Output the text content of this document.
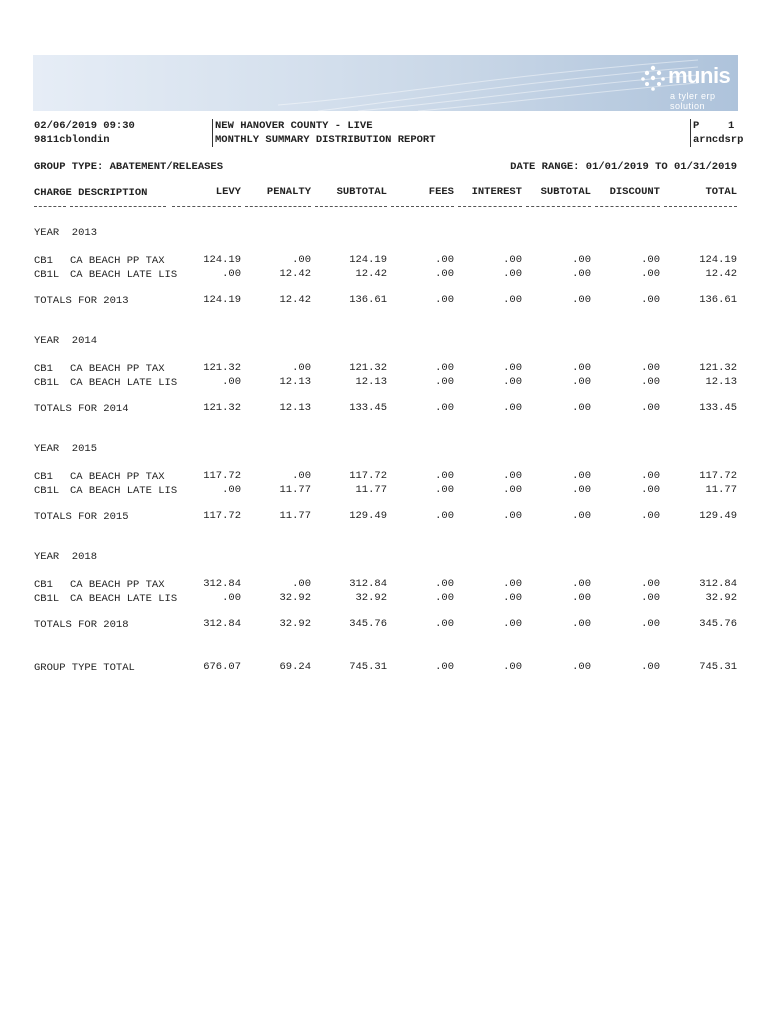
munis
a tyler erp solution
02/06/2019 09:30
9811cblondin
NEW HANOVER COUNTY - LIVE
MONTHLY SUMMARY DISTRIBUTION REPORT
P	1
arncdsrp
GROUP TYPE: ABATEMENT/RELEASES	DATE RANGE: 01/01/2019 TO 01/31/2019
CHARGE DESCRIPTION	LEVY	PENALTY	SUBTOTAL	FEES	INTEREST	SUBTOTAL	DISCOUNT	TOTAL
YEAR  2013
CB1 CA BEACH PP TAX	124.19	.00	124.19	.00	.00	.00	.00	124.19
CB1L CA BEACH LATE LIS	.00	12.42	12.42	.00	.00	.00	.00	12.42
TOTALS FOR 2013	124.19	12.42	136.61	.00	.00	.00	.00	136.61
YEAR  2014
CB1 CA BEACH PP TAX	121.32	.00	121.32	.00	.00	.00	.00	121.32
CB1L CA BEACH LATE LIS	.00	12.13	12.13	.00	.00	.00	.00	12.13
TOTALS FOR 2014	121.32	12.13	133.45	.00	.00	.00	.00	133.45
YEAR  2015
CB1 CA BEACH PP TAX	117.72	.00	117.72	.00	.00	.00	.00	117.72
CB1L CA BEACH LATE LIS	.00	11.77	11.77	.00	.00	.00	.00	11.77
TOTALS FOR 2015	117.72	11.77	129.49	.00	.00	.00	.00	129.49
YEAR  2018
CB1 CA BEACH PP TAX	312.84	.00	312.84	.00	.00	.00	.00	312.84
CB1L CA BEACH LATE LIS	.00	32.92	32.92	.00	.00	.00	.00	32.92
TOTALS FOR 2018	312.84	32.92	345.76	.00	.00	.00	.00	345.76
GROUP TYPE TOTAL	676.07	69.24	745.31	.00	.00	.00	.00	745.31
